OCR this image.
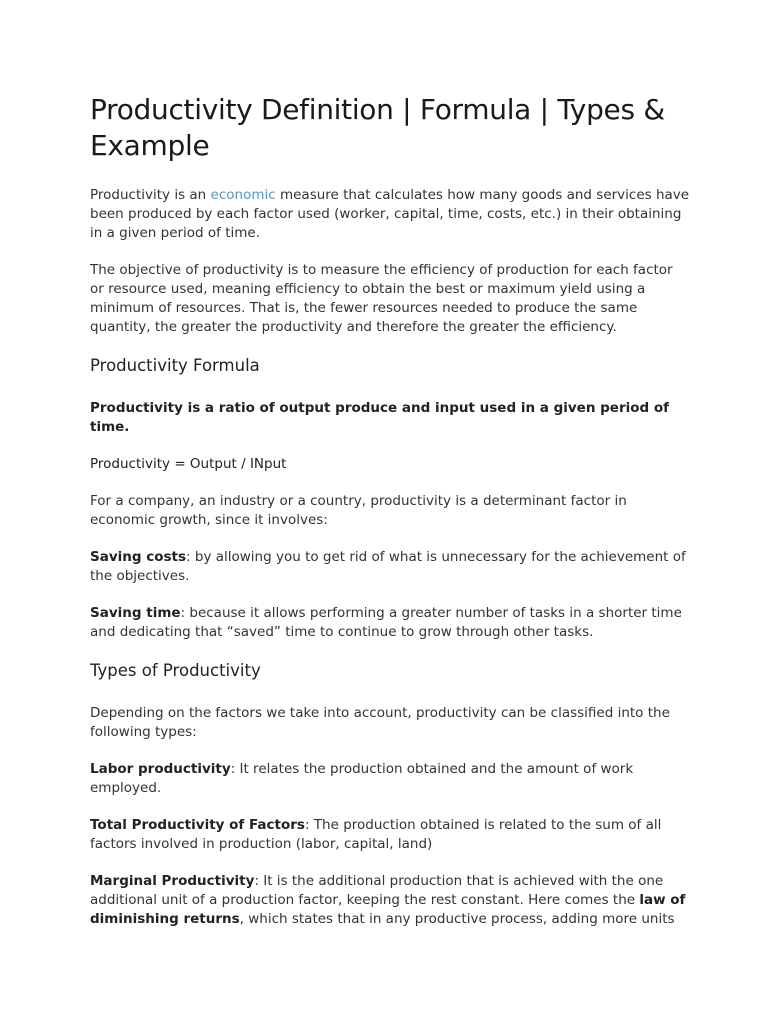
Productivity Definition | Formula | Types & Example

Productivity is an economic measure that calculates how many goods and services have been produced by each factor used (worker, capital, time, costs, etc.) in their obtaining in a given period of time.

The objective of productivity is to measure the efficiency of production for each factor or resource used, meaning efficiency to obtain the best or maximum yield using a minimum of resources. That is, the fewer resources needed to produce the same quantity, the greater the productivity and therefore the greater the efficiency.

Productivity Formula

Productivity is a ratio of output produce and input used in a given period of time.

Productivity = Output / INput

For a company, an industry or a country, productivity is a determinant factor in economic growth, since it involves:

Saving costs: by allowing you to get rid of what is unnecessary for the achievement of the objectives.

Saving time: because it allows performing a greater number of tasks in a shorter time and dedicating that “saved” time to continue to grow through other tasks.

Types of Productivity

Depending on the factors we take into account, productivity can be classified into the following types:

Labor productivity: It relates the production obtained and the amount of work employed.

Total Productivity of Factors: The production obtained is related to the sum of all factors involved in production (labor, capital, land)

Marginal Productivity: It is the additional production that is achieved with the one additional unit of a production factor, keeping the rest constant. Here comes the law of diminishing returns, which states that in any productive process, adding more units
